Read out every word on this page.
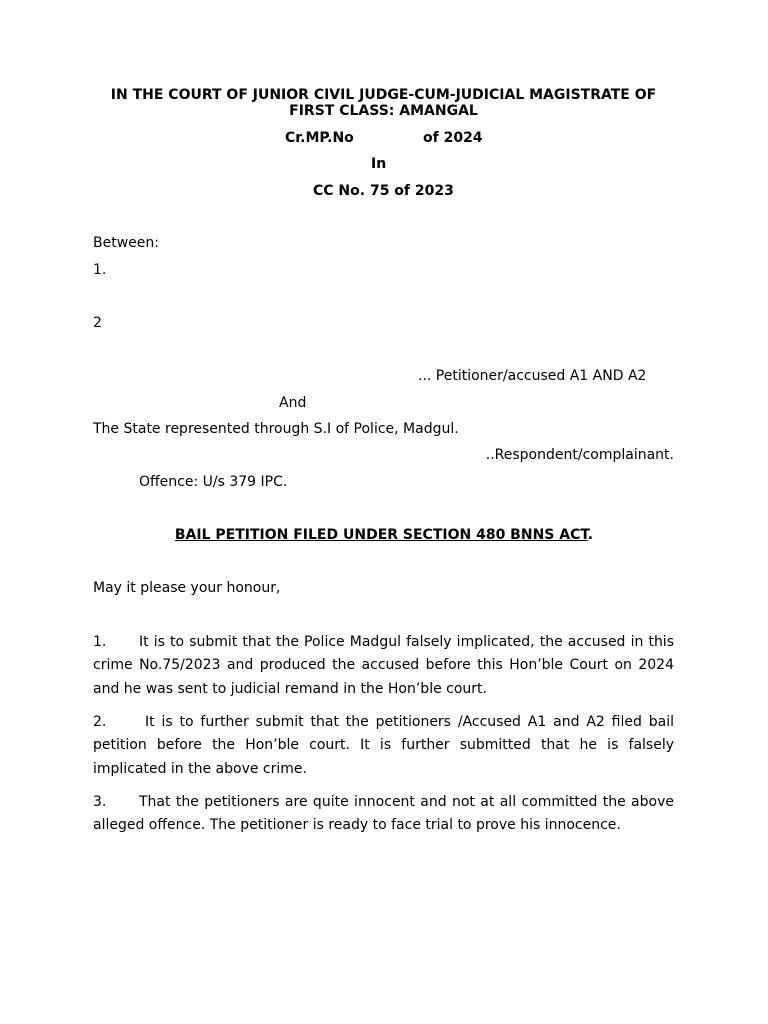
IN THE COURT OF JUNIOR CIVIL JUDGE-CUM-JUDICIAL MAGISTRATE OF
FIRST CLASS: AMANGAL
Cr.MP.No	of 2024
In
CC No. 75 of 2023
Between:
1.
2
... Petitioner/accused A1 AND A2
And
The State represented through S.I of Police, Madgul.
..Respondent/complainant.
Offence: U/s 379 IPC.
BAIL PETITION FILED UNDER SECTION 480 BNNS ACT.
May it please your honour,
1. It is to submit that the Police Madgul falsely implicated, the accused in this crime No.75/2023 and produced the accused before this Hon’ble Court on 2024 and he was sent to judicial remand in the Hon’ble court.
2.	It is to further submit that the petitioners /Accused A1 and A2 filed bail petition before the Hon’ble court. It is further submitted that he is falsely implicated in the above crime.
3. That the petitioners are quite innocent and not at all committed the above alleged offence. The petitioner is ready to face trial to prove his innocence.
